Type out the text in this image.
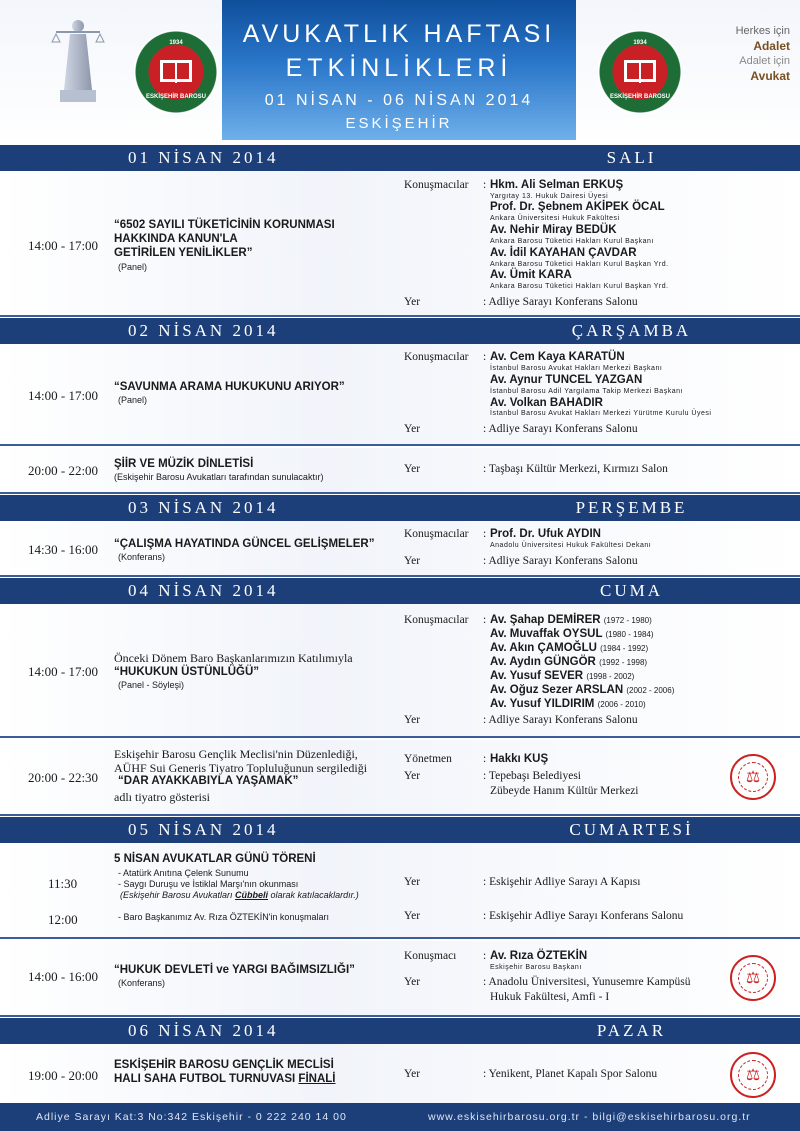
1934
ESKİŞEHİR BAROSU
AVUKATLIK HAFTASI
ETKİNLİKLERİ
01 NİSAN - 06 NİSAN 2014
ESKİŞEHİR
1934
ESKİŞEHİR BAROSU
Herkes için
Adalet
Adalet için
Avukat
01 NİSAN 2014	SALI
14:00 - 17:00
“6502 SAYILI TÜKETİCİNİN KORUNMASI
HAKKINDA KANUN'LA
GETİRİLEN YENİLİKLER”
(Panel)
Konuşmacılar : Hkm. Ali Selman ERKUŞ
Yargıtay 13. Hukuk Dairesi Üyesi
Prof. Dr. Şebnem AKİPEK ÖCAL
Ankara Üniversitesi Hukuk Fakültesi
Av. Nehir Miray BEDÜK
Ankara Barosu Tüketici Hakları Kurul Başkanı
Av. İdil KAYAHAN ÇAVDAR
Ankara Barosu Tüketici Hakları Kurul Başkan Yrd.
Av. Ümit KARA
Ankara Barosu Tüketici Hakları Kurul Başkan Yrd.
Yer	: Adliye Sarayı Konferans Salonu
02 NİSAN 2014	ÇARŞAMBA
14:00 - 17:00
“SAVUNMA ARAMA HUKUKUNU ARIYOR”
(Panel)
Konuşmacılar : Av. Cem Kaya KARATÜN
İstanbul Barosu Avukat Hakları Merkezi Başkanı
Av. Aynur TUNCEL YAZGAN
İstanbul Barosu Adil Yargılama Takip Merkezi Başkanı
Av. Volkan BAHADIR
İstanbul Barosu Avukat Hakları Merkezi Yürütme Kurulu Üyesi
Yer	: Adliye Sarayı Konferans Salonu
20:00 - 22:00 ŞİİR VE MÜZİK DİNLETİSİ
(Eskişehir Barosu Avukatları tarafından sunulacaktır)
Yer	: Taşbaşı Kültür Merkezi, Kırmızı Salon
03 NİSAN 2014	PERŞEMBE
14:30 - 16:00 “ÇALIŞMA HAYATINDA GÜNCEL GELİŞMELER”
(Konferans)
Konuşmacılar : Prof. Dr. Ufuk AYDIN
Anadolu Üniversitesi Hukuk Fakültesi Dekanı
Yer	: Adliye Sarayı Konferans Salonu
04 NİSAN 2014	CUMA
14:00 - 17:00
Önceki Dönem Baro Başkanlarımızın Katılımıyla
“HUKUKUN ÜSTÜNLÜĞÜ”
(Panel - Söyleşi)
Konuşmacılar : Av. Şahap DEMİRER (1972 - 1980)
Av. Muvaffak OYSUL (1980 - 1984)
Av. Akın ÇAMOĞLU (1984 - 1992)
Av. Aydın GÜNGÖR (1992 - 1998)
Av. Yusuf SEVER (1998 - 2002)
Av. Oğuz Sezer ARSLAN (2002 - 2006)
Av. Yusuf YILDIRIM (2006 - 2010)
Yer	: Adliye Sarayı Konferans Salonu
20:00 - 22:30
Eskişehir Barosu Gençlik Meclisi'nin Düzenlediği,
AÜHF Sui Generis Tiyatro Topluluğunun sergilediği
“DAR AYAKKABIYLA YAŞAMAK”
adlı tiyatro gösterisi
Yönetmen	: Hakkı KUŞ
Yer	: Tepebaşı Belediyesi
Zübeyde Hanım Kültür Merkezi
⚖
05 NİSAN 2014	CUMARTESİ
5 NİSAN AVUKATLAR GÜNÜ TÖRENİ
11:30
- Atatürk Anıtına Çelenk Sunumu
- Saygı Duruşu ve İstiklal Marşı'nın okunması
(Eskişehir Barosu Avukatları Cübbeli olarak katılacaklardır.)
Yer	: Eskişehir Adliye Sarayı A Kapısı
12:00	- Baro Başkanımız Av. Rıza ÖZTEKİN'in konuşmaları	Yer	: Eskişehir Adliye Sarayı Konferans Salonu
14:00 - 16:00 “HUKUK DEVLETİ ve YARGI BAĞIMSIZLIĞI”
(Konferans)
Konuşmacı : Av. Rıza ÖZTEKİN
Eskişehir Barosu Başkanı
Yer	: Anadolu Üniversitesi, Yunusemre Kampüsü
Hukuk Fakültesi, Amfi - I
⚖
06 NİSAN 2014	PAZAR
19:00 - 20:00
ESKİŞEHİR BAROSU GENÇLİK MECLİSİ
HALI SAHA FUTBOL TURNUVASI FİNALİ	Yer	: Yenikent, Planet Kapalı Spor Salonu
⚖
Adliye Sarayı Kat:3 No:342 Eskişehir - 0 222 240 14 00	www.eskisehirbarosu.org.tr - bilgi@eskisehirbarosu.org.tr
